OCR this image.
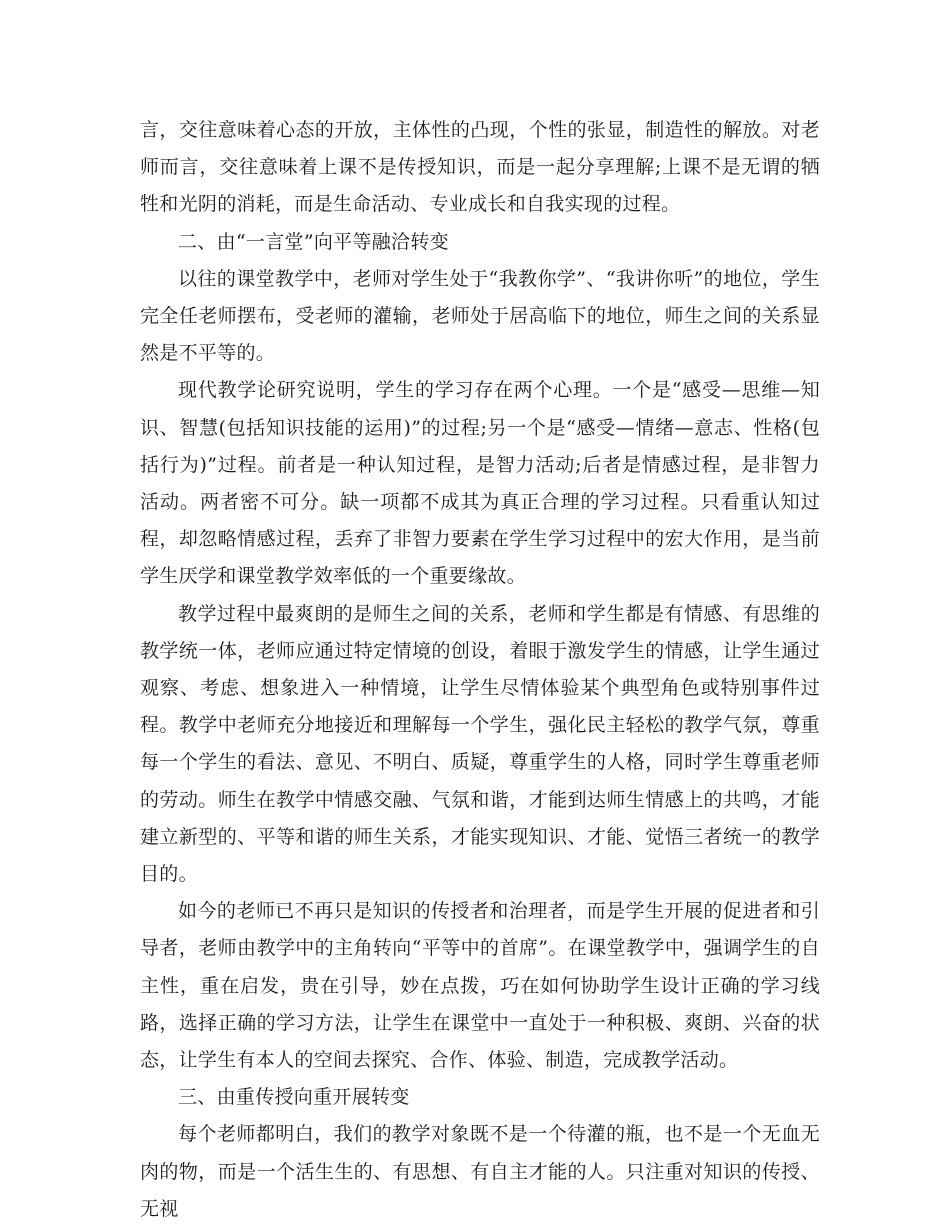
言，交往意味着心态的开放，主体性的凸现，个性的张显，制造性的解放。对老师而言，交往意味着上课不是传授知识，而是一起分享理解;上课不是无谓的牺牲和光阴的消耗，而是生命活动、专业成长和自我实现的过程。

二、由“一言堂”向平等融洽转变

以往的课堂教学中，老师对学生处于“我教你学”、“我讲你听”的地位，学生完全任老师摆布，受老师的灌输，老师处于居高临下的地位，师生之间的关系显然是不平等的。

现代教学论研究说明，学生的学习存在两个心理。一个是“感受—思维—知识、智慧(包括知识技能的运用)”的过程;另一个是“感受—情绪—意志、性格(包括行为)”过程。前者是一种认知过程，是智力活动;后者是情感过程，是非智力活动。两者密不可分。缺一项都不成其为真正合理的学习过程。只看重认知过程，却忽略情感过程，丢弃了非智力要素在学生学习过程中的宏大作用，是当前学生厌学和课堂教学效率低的一个重要缘故。

教学过程中最爽朗的是师生之间的关系，老师和学生都是有情感、有思维的教学统一体，老师应通过特定情境的创设，着眼于激发学生的情感，让学生通过观察、考虑、想象进入一种情境，让学生尽情体验某个典型角色或特别事件过程。教学中老师充分地接近和理解每一个学生，强化民主轻松的教学气氛，尊重每一个学生的看法、意见、不明白、质疑，尊重学生的人格，同时学生尊重老师的劳动。师生在教学中情感交融、气氛和谐，才能到达师生情感上的共鸣，才能建立新型的、平等和谐的师生关系，才能实现知识、才能、觉悟三者统一的教学目的。

如今的老师已不再只是知识的传授者和治理者，而是学生开展的促进者和引导者，老师由教学中的主角转向“平等中的首席”。在课堂教学中，强调学生的自主性，重在启发，贵在引导，妙在点拨，巧在如何协助学生设计正确的学习线路，选择正确的学习方法，让学生在课堂中一直处于一种积极、爽朗、兴奋的状态，让学生有本人的空间去探究、合作、体验、制造，完成教学活动。

三、由重传授向重开展转变

每个老师都明白，我们的教学对象既不是一个待灌的瓶，也不是一个无血无肉的物，而是一个活生生的、有思想、有自主才能的人。只注重对知识的传授、无视
